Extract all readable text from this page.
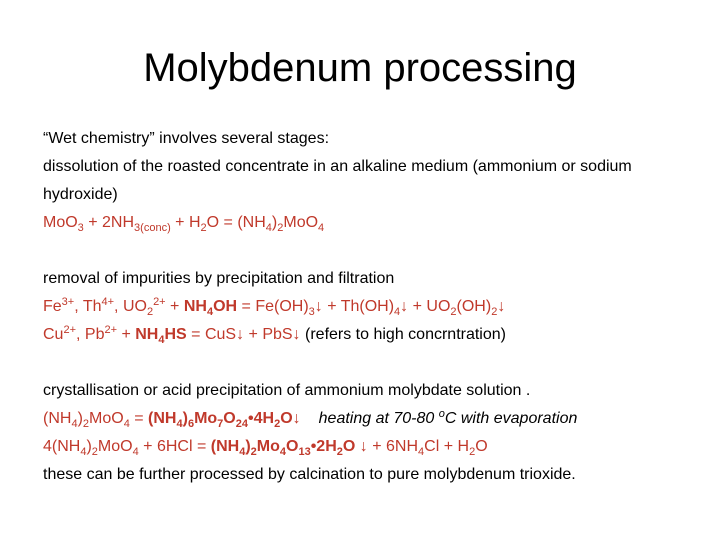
Molybdenum processing
“Wet chemistry” involves several stages:
dissolution of the roasted concentrate in an alkaline medium (ammonium or sodium hydroxide)
$MoO_3 + 2NH_{3(conc)} + H_2O = (NH_4)_2MoO_4$
removal of impurities by precipitation and filtration
$Fe^{3+}$, $Th^{4+}$, $UO_2^{2+} + NH_4OH$ = $Fe(OH)_3↓$ + $Th(OH)_4↓$ + $UO_2(OH)_2↓$
$Cu^{2+}$, $Pb^{2+} + NH_4HS$ = CuS↓ + PbS↓ (refers to high concrntration)
crystallisation or acid precipitation of ammonium molybdate solution .
$(NH_4)_2MoO_4$ = $(NH_4)_6Mo_7O_{24}•4H_2O↓$ heating at 70-80 $^o$C with evaporation
$4(NH_4)_2MoO_4 + 6HCl$ = $(NH_4)_2Mo_4O_{13}•2H_2O$ ↓ + $6NH_4Cl + H_2O$
these can be further processed by calcination to pure molybdenum trioxide.
